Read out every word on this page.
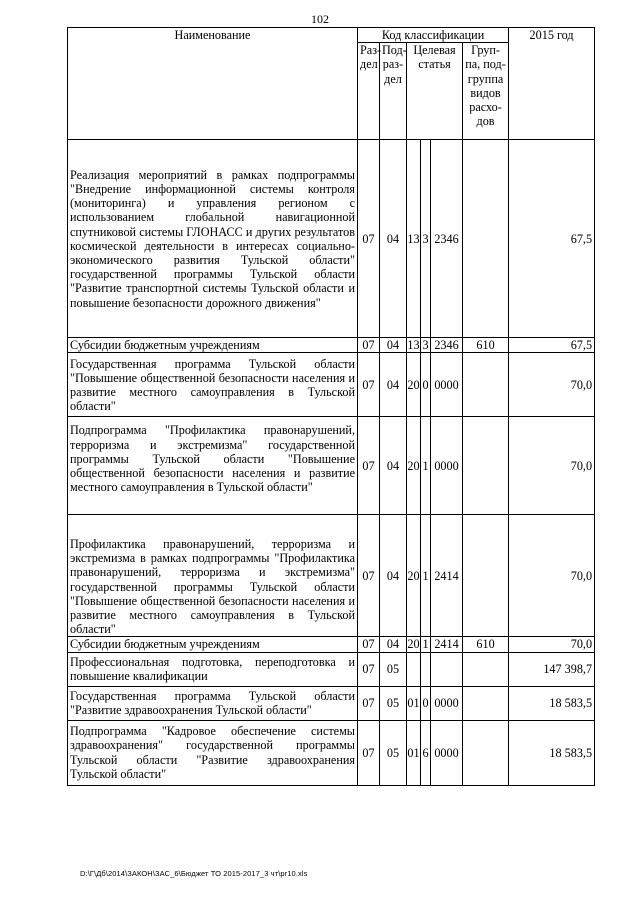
102
Наименование	Код классификации						2015 год
	Раз-дел	Под-раз-дел	Целевая статья			Груп-па, под-группа видов расхо-дов	
Реализация мероприятий в рамках подпрограммы "Внедрение информационной системы контроля (мониторинга) и управления регионом с использованием глобальной навигационной спутниковой системы ГЛОНАСС и других результатов космической деятельности в интересах социально-экономического развития Тульской области" государственной программы Тульской области "Развитие транспортной системы Тульской области и повышение безопасности дорожного движения"	07	04	13	3	2346		67,5
Субсидии бюджетным учреждениям	07	04	13	3	2346	610	67,5
Государственная программа Тульской области "Повышение общественной безопасности населения и развитие местного самоуправления в Тульской области"	07	04	20	0	0000		70,0
Подпрограмма "Профилактика правонарушений, терроризма и экстремизма" государственной программы Тульской области "Повышение общественной безопасности населения и развитие местного самоуправления в Тульской области"	07	04	20	1	0000		70,0
Профилактика правонарушений, терроризма и экстремизма в рамках подпрограммы "Профилактика правонарушений, терроризма и экстремизма" государственной программы Тульской области "Повышение общественной безопасности населения и развитие местного самоуправления в Тульской области"	07	04	20	1	2414		70,0
Субсидии бюджетным учреждениям	07	04	20	1	2414	610	70,0
Профессиональная подготовка, переподготовка и повышение квалификации	07	05					147 398,7
Государственная программа Тульской области "Развитие здравоохранения Тульской области"	07	05	01	0	0000		18 583,5
Подпрограмма "Кадровое обеспечение системы здравоохранения" государственной программы Тульской области "Развитие здравоохранения Тульской области"	07	05	01	6	0000		18 583,5
D:\Г\Дб\2014\ЗАКОН\ЗАС_6\Бюджет ТО 2015-2017_3 чт\pr10.xls
